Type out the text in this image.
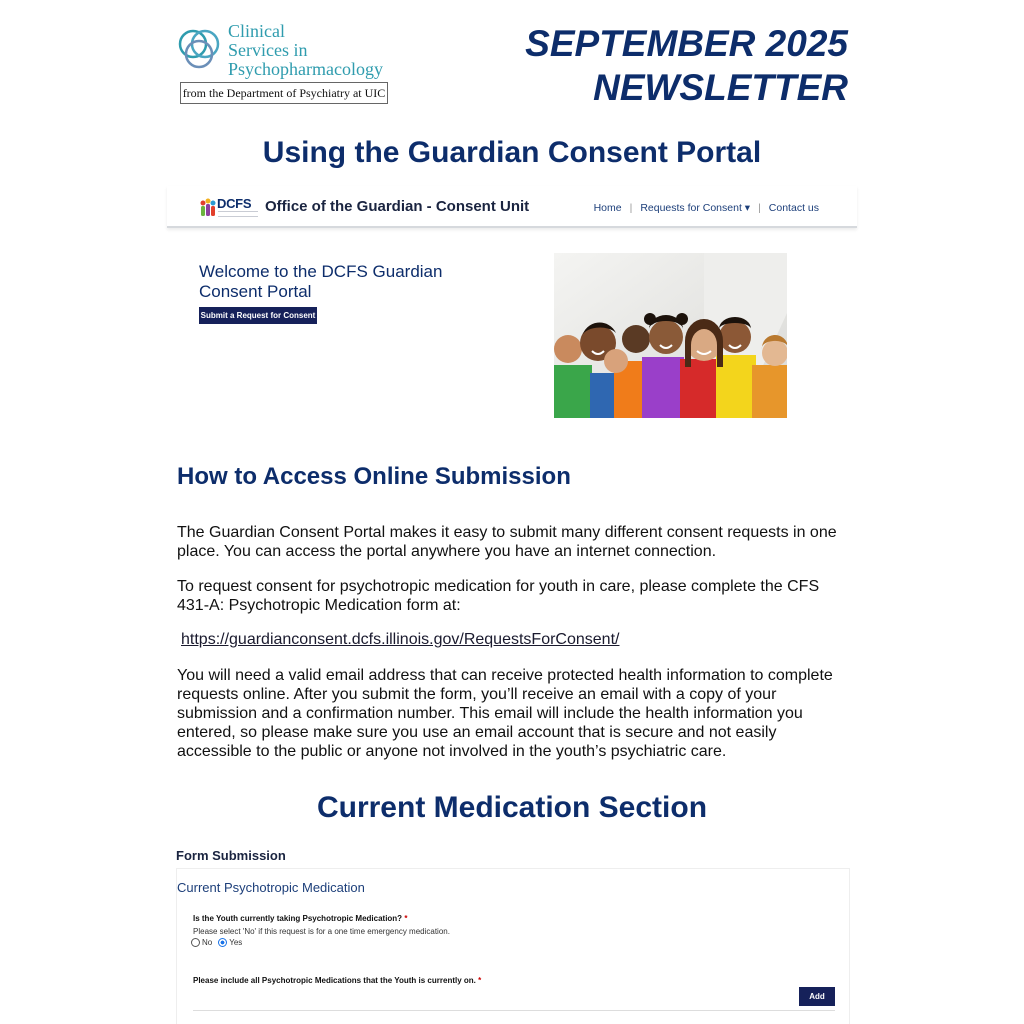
Clinical
Services in
Psychopharmacology
from the Department of Psychiatry at UIC
SEPTEMBER 2025
NEWSLETTER
Using the Guardian Consent Portal
DCFS Office of the Guardian - Consent Unit	Home | Requests for Consent ▾ | Contact us
Welcome to the DCFS Guardian
Consent Portal
Submit a Request for Consent
How to Access Online Submission

The Guardian Consent Portal makes it easy to submit many different consent requests in one place. You can access the portal anywhere you have an internet connection.

To request consent for psychotropic medication for youth in care, please complete the CFS 431-A: Psychotropic Medication form at:

https://guardianconsent.dcfs.illinois.gov/RequestsForConsent/

You will need a valid email address that can receive protected health information to complete requests online. After you submit the form, you’ll receive an email with a copy of your submission and a confirmation number. This email will include the health information you entered, so please make sure you use an email account that is secure and not easily accessible to the public or anyone not involved in the youth’s psychiatric care.

Current Medication Section
Form Submission
Current Psychotropic Medication
Is the Youth currently taking Psychotropic Medication? *
Please select 'No' if this request is for a one time emergency medication.
No Yes
Please include all Psychotropic Medications that the Youth is currently on. *
Add
